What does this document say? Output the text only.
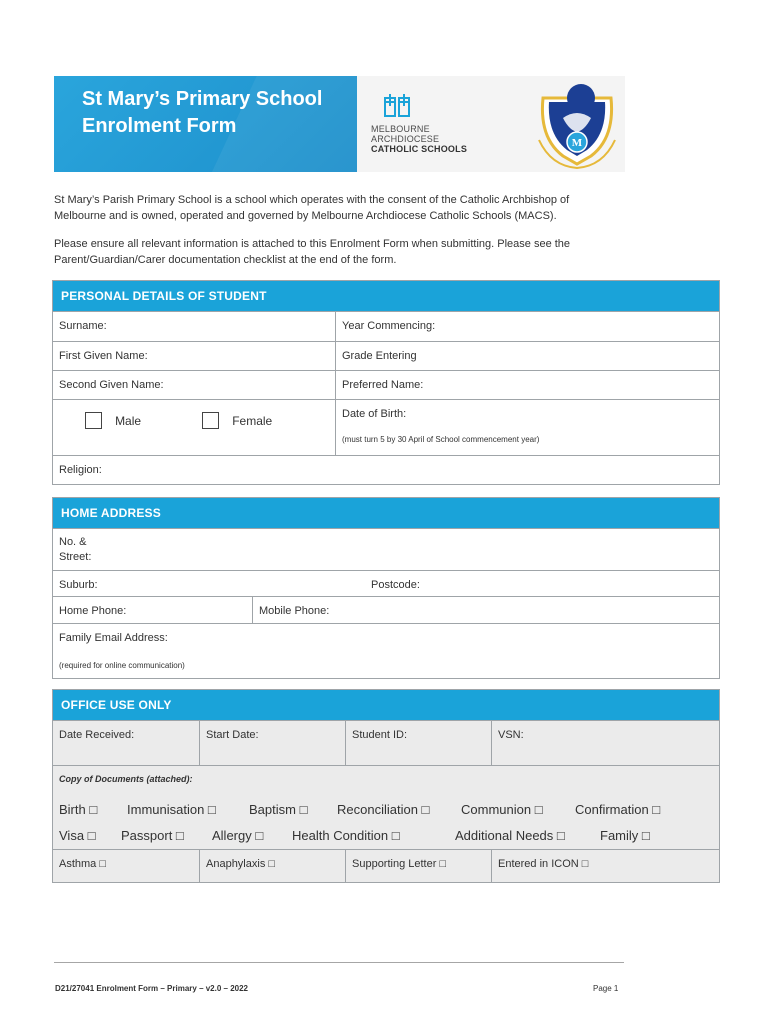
St Mary’s Primary School
Enrolment Form	MELBOURNE
ARCHDIOCESE
CATHOLIC SCHOOLS	M
St Mary’s Parish Primary School is a school which operates with the consent of the Catholic Archbishop of
Melbourne and is owned, operated and governed by Melbourne Archdiocese Catholic Schools (MACS).
Please ensure all relevant information is attached to this Enrolment Form when submitting. Please see the
Parent/Guardian/Carer documentation checklist at the end of the form.
PERSONAL DETAILS OF STUDENT
Surname:	Year Commencing:
First Given Name:	Grade Entering
Second Given Name:	Preferred Name:
Male	Female	Date of Birth:
(must turn 5 by 30 April of School commencement year)
Religion:
HOME ADDRESS
No. &
Street:
Suburb:	Postcode:
Home Phone:	Mobile Phone:
Family Email Address:
(required for online communication)
OFFICE USE ONLY
Date Received:	Start Date:	Student ID:	VSN:
Copy of Documents (attached):
Birth □ Immunisation □	Baptism □ Reconciliation □ Communion □ Confirmation □
Visa □ Passport □ Allergy □ Health Condition □	Additional Needs □	Family □
Asthma □	Anaphylaxis □	Supporting Letter □	Entered in ICON □
D21/27041 Enrolment Form – Primary – v2.0 – 2022	Page 1
